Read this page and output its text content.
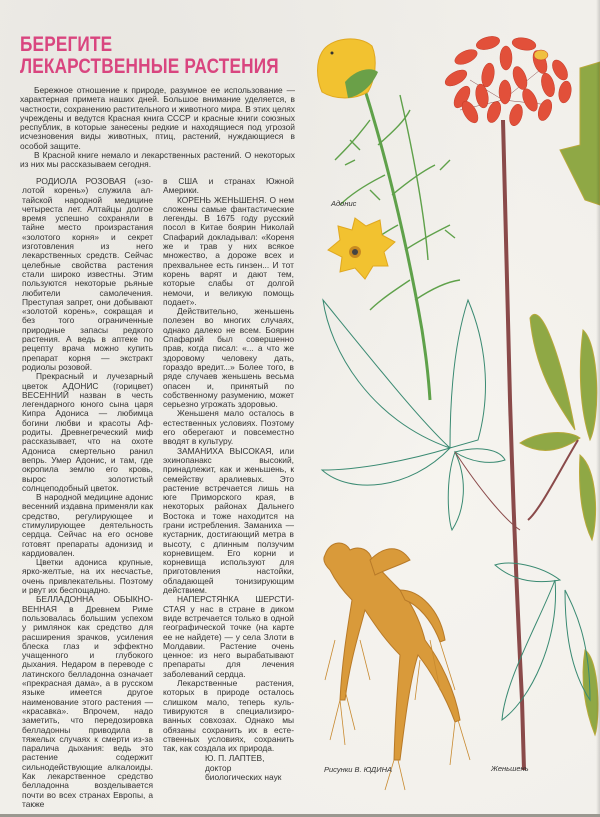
БЕРЕГИТЕ
ЛЕКАРСТВЕННЫЕ РАСТЕНИЯ

Бережное отношение к природе, разумное ее использование — характерная примета наших дней. Большое внимание уделяется, в частности, сохранению растительного и животного мира. В этих целях учреждены и ведутся Красная книга СССР и красные книги союзных республик, в которые занесены редкие и находящиеся под угрозой исчезновения виды животных, птиц, растений, нуждающиеся в особой защите.

В Красной книге немало и лекарственных растений. О некоторых из них мы рассказываем сегодня.

РОДИОЛА РОЗОВАЯ («золотой корень») служила алтайской народной медицине четыреста лет. Алтайцы долгое время успешно сохраняли в тайне место произрастания «золотого корня» и секрет изготовления из него лекарственных средств. Сейчас целебные свойства растения стали широко известны. Этим пользуются некоторые рьяные любители самолечения. Преступая запрет, они добывают «золотой корень», сокращая и без того ограниченные природные запасы редкого растения. А ведь в аптеке по рецепту врача можно купить препарат корня — экстракт родиолы розовой.

Прекрасный и лучезарный цветок АДОНИС (горицвет) ВЕСЕННИЙ назван в честь легендарного юного сына царя Кипра Адониса — любимца богини любви и красоты Афродиты. Древнегреческий миф рассказывает, что на охоте Адониса смертельно ранил вепрь. Умер Адонис, и там, где окропила землю его кровь, вырос золотистый солнцеподобный цветок.

В народной медицине адонис весенний издавна применяли как средство, регулирующее и стимулирующее деятельность сердца. Сейчас на его основе готовят препараты адонизид и кардиовален.

Цветки адониса крупные, ярко-желтые, на их несчастье, очень привлекательны. Поэтому и рвут их беспощадно.

БЕЛЛАДОННА ОБЫКНОВЕННАЯ в Древнем Риме пользовалась большим успехом у римлянок как средство для расширения зрачков, усиления блеска глаз и эффектно учащенного и глубокого дыхания. Недаром в переводе с латинского белладонна означает «прекрасная дама», а в русском языке имеется другое наименование этого растения — «красавка». Впрочем, надо заметить, что передозировка белладонны приводила в тяжелых случаях к смерти из-за паралича дыхания: ведь это растение содержит сильнодействующие алкалоиды. Как лекарственное средство белладонна возделывается почти во всех странах Европы, а также

в США и странах Южной Америки.

КОРЕНЬ ЖЕНЬШЕНЯ. О нем сложены самые фантастические легенды. В 1675 году русский посол в Китае боярин Николай Спафарий докладывал: «Кореня же и трав у них всякое множество, а дороже всех и прехвальнее есть гинзен... И тот корень варят и дают тем, которые слабы от долгой немочи, и великую помощь подает».

Действительно, женьшень полезен во многих случаях, однако далеко не всем. Боярин Спафарий был совершенно прав, когда писал: «... а что же здоровому человеку дать, гораздо вредит...» Более того, в ряде случаев женьшень весьма опасен и, принятый по собственному разумению, может серьезно угрожать здоровью.

Женьшеня мало осталось в естественных условиях. Поэтому его оберегают и повсеместно вводят в культуру.

ЗАМАНИХА ВЫСОКАЯ, или эхинопанакс высокий, принадлежит, как и женьшень, к семейству аралиевых. Это растение встречается лишь на юге Приморского края, в некоторых районах Дальнего Востока и тоже находится на грани истребления. Заманиха — кустарник, достигающий метра в высоту, с длинным ползучим корневищем. Его корни и корневища используют для приготовления настойки, обладающей тонизирующим действием.

НАПЕРСТЯНКА ШЕРСТИСТАЯ у нас в стране в диком виде встречается только в одной географической точке (на карте ее не найдете) — у села Злоти в Молдавии. Растение очень ценное: из него вырабатывают препараты для лечения заболеваний сердца.

Лекарственные растения, которых в природе осталось слишком мало, теперь культивируются в специализированных совхозах. Однако мы обязаны сохранить их в естественных условиях, сохранить так, как создала их природа.

Ю. П. ЛАПТЕВ,
доктор
биологических наук
Адонис
Рисунки В. ЮДИНА	Женьшень
